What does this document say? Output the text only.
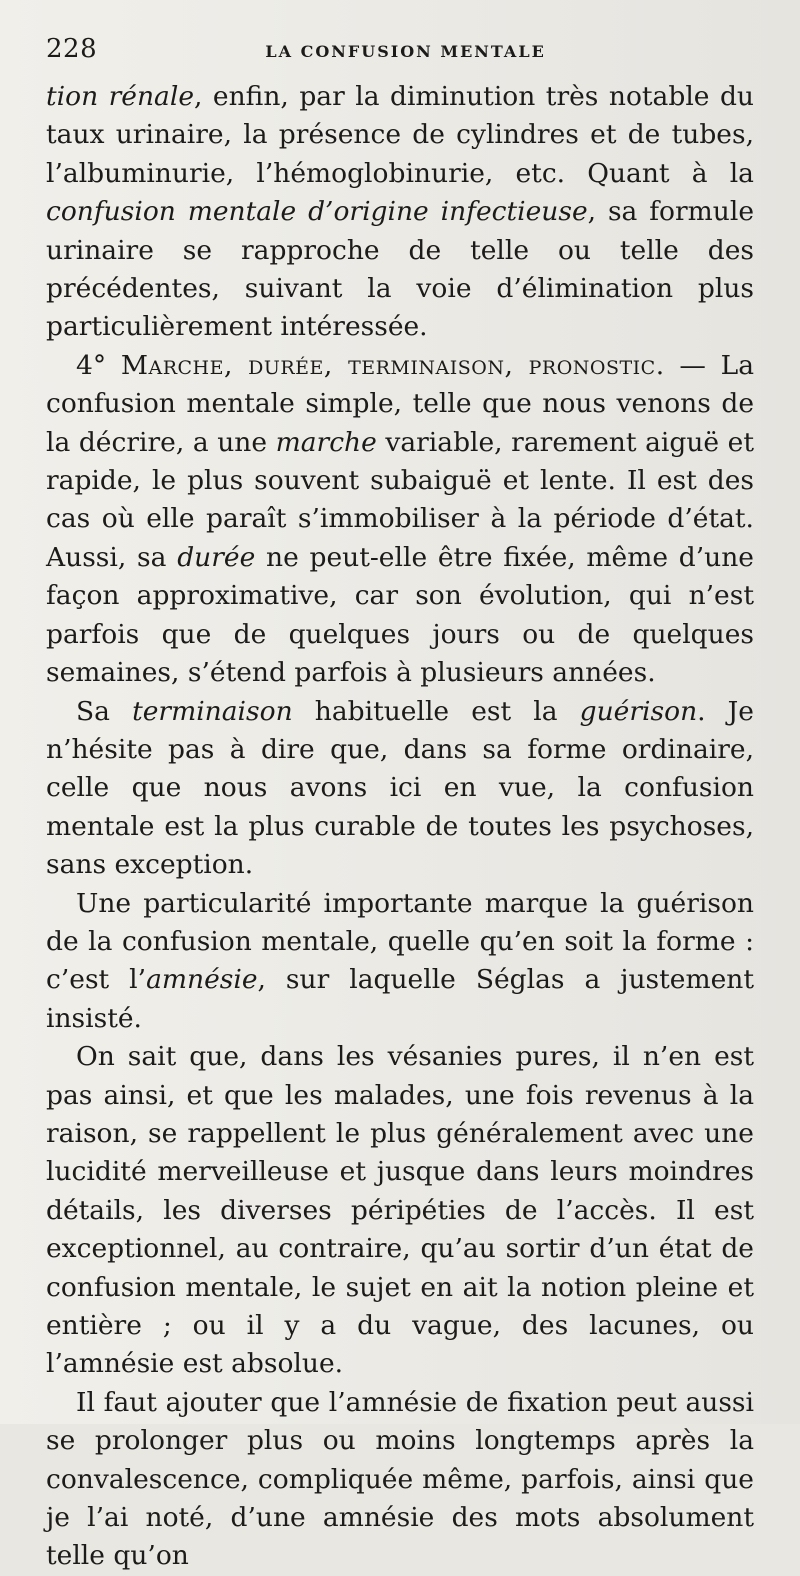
228	LA CONFUSION MENTALE

tion rénale, enfin, par la diminution très notable du taux urinaire, la présence de cylindres et de tubes, l’albuminurie, l’hémoglobinurie, etc. Quant à la confusion mentale d’origine infectieuse, sa formule urinaire se rapproche de telle ou telle des précédentes, suivant la voie d’élimination plus particulièrement intéressée.

4° Marche, durée, terminaison, pronostic. — La confusion mentale simple, telle que nous venons de la décrire, a une marche variable, rarement aiguë et rapide, le plus souvent subaiguë et lente. Il est des cas où elle paraît s’immobiliser à la période d’état. Aussi, sa durée ne peut-elle être fixée, même d’une façon approximative, car son évolution, qui n’est parfois que de quelques jours ou de quelques semaines, s’étend parfois à plusieurs années.

Sa terminaison habituelle est la guérison. Je n’hésite pas à dire que, dans sa forme ordinaire, celle que nous avons ici en vue, la confusion mentale est la plus curable de toutes les psychoses, sans exception.

Une particularité importante marque la guérison de la confusion mentale, quelle qu’en soit la forme : c’est l’amnésie, sur laquelle Séglas a justement insisté.

On sait que, dans les vésanies pures, il n’en est pas ainsi, et que les malades, une fois revenus à la raison, se rappellent le plus généralement avec une lucidité merveilleuse et jusque dans leurs moindres détails, les diverses péripéties de l’accès. Il est exceptionnel, au contraire, qu’au sortir d’un état de confusion mentale, le sujet en ait la notion pleine et entière ; ou il y a du vague, des lacunes, ou l’amnésie est absolue.

Il faut ajouter que l’amnésie de fixation peut aussi se prolonger plus ou moins longtemps après la convalescence, compliquée même, parfois, ainsi que je l’ai noté, d’une amnésie des mots absolument telle qu’on
